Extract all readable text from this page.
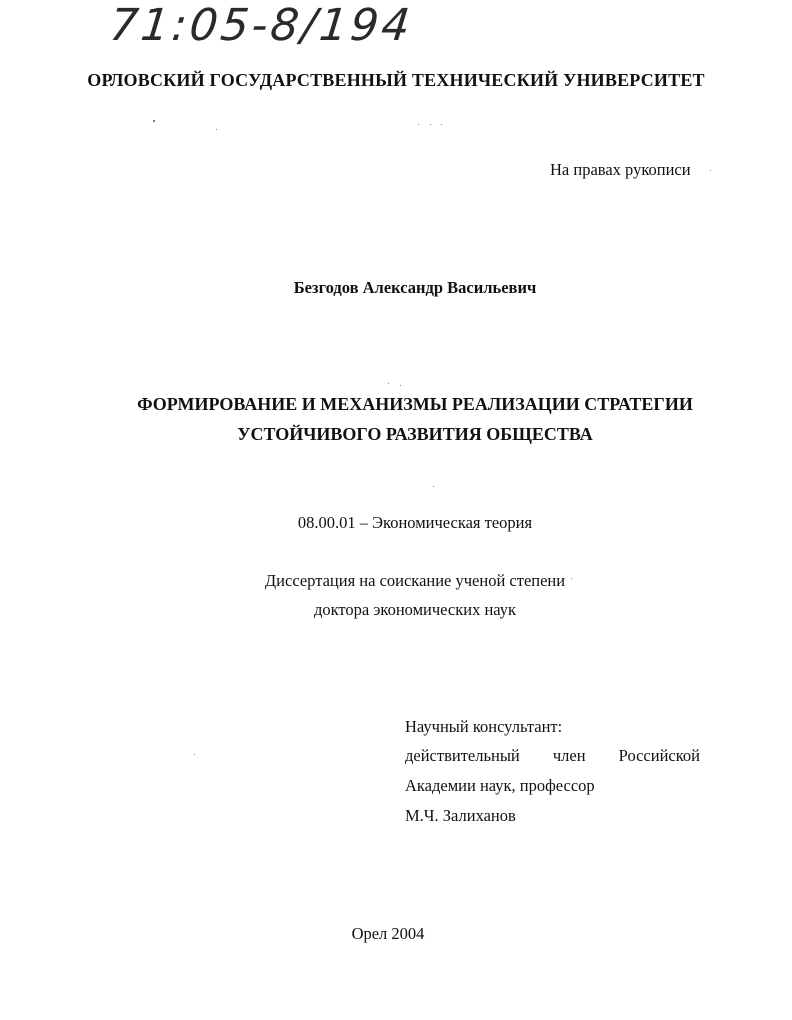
71:05-8/194
ОРЛОВСКИЙ ГОСУДАРСТВЕННЫЙ ТЕХНИЧЕСКИЙ УНИВЕРСИТЕТ
На правах рукописи
Безгодов Александр Васильевич
ФОРМИРОВАНИЕ И МЕХАНИЗМЫ РЕАЛИЗАЦИИ СТРАТЕГИИ
УСТОЙЧИВОГО РАЗВИТИЯ ОБЩЕСТВА
08.00.01 – Экономическая теория
Диссертация на соискание ученой степени
доктора экономических наук
Научный консультант:
действительный член Российской
Академии наук, профессор
М.Ч. Залиханов
Орел 2004
